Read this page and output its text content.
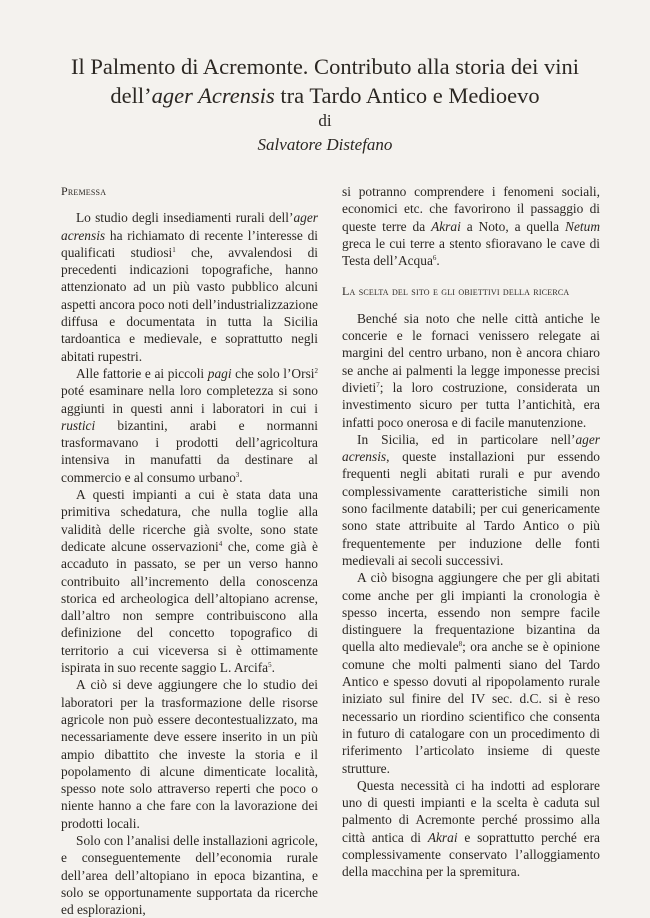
Il Palmento di Acremonte. Contributo alla storia dei vini
dell’ager Acrensis tra Tardo Antico e Medioevo
di
Salvatore Distefano
Premessa

Lo studio degli insediamenti rurali dell’ager acrensis ha richiamato di recente l’interesse di qualificati studiosi$^1$ che, avvalendosi di precedenti indicazioni topografiche, hanno attenzionato ad un più vasto pubblico alcuni aspetti ancora poco noti dell’industrializzazione diffusa e documentata in tutta la Sicilia tardoantica e medievale, e soprattutto negli abitati rupestri.

Alle fattorie e ai piccoli pagi che solo l’Orsi$^2$ poté esaminare nella loro completezza si sono aggiunti in questi anni i laboratori in cui i rustici bizantini, arabi e normanni trasformavano i prodotti dell’agricoltura intensiva in manufatti da destinare al commercio e al consumo urbano$^3$.

A questi impianti a cui è stata data una primitiva schedatura, che nulla toglie alla validità delle ricerche già svolte, sono state dedicate alcune osservazioni$^4$ che, come già è accaduto in passato, se per un verso hanno contribuito all’incremento della conoscenza storica ed archeologica dell’altopiano acrense, dall’altro non sempre contribuiscono alla definizione del concetto topografico di territorio a cui viceversa si è ottimamente ispirata in suo recente saggio L. Arcifa$^5$.

A ciò si deve aggiungere che lo studio dei laboratori per la trasformazione delle risorse agricole non può essere decontestualizzato, ma necessariamente deve essere inserito in un più ampio dibattito che investe la storia e il popolamento di alcune dimenticate località, spesso note solo attraverso reperti che poco o niente hanno a che fare con la lavorazione dei prodotti locali.

Solo con l’analisi delle installazioni agricole, e conseguentemente dell’economia rurale dell’area dell’altopiano in epoca bizantina, e solo se opportunamente supportata da ricerche ed esplorazioni,

si potranno comprendere i fenomeni sociali, economici etc. che favorirono il passaggio di queste terre da Akrai a Noto, a quella Netum greca le cui terre a stento sfioravano le cave di Testa dell’Acqua$^6$.

La scelta del sito e gli obiettivi della ricerca

Benché sia noto che nelle città antiche le concerie e le fornaci venissero relegate ai margini del centro urbano, non è ancora chiaro se anche ai palmenti la legge imponesse precisi divieti$^7$; la loro costruzione, considerata un investimento sicuro per tutta l’antichità, era infatti poco onerosa e di facile manutenzione.

In Sicilia, ed in particolare nell’ager acrensis, queste installazioni pur essendo frequenti negli abitati rurali e pur avendo complessivamente caratteristiche simili non sono facilmente databili; per cui genericamente sono state attribuite al Tardo Antico o più frequentemente per induzione delle fonti medievali ai secoli successivi.

A ciò bisogna aggiungere che per gli abitati come anche per gli impianti la cronologia è spesso incerta, essendo non sempre facile distinguere la frequentazione bizantina da quella alto medievale$^8$; ora anche se è opinione comune che molti palmenti siano del Tardo Antico e spesso dovuti al ripopolamento rurale iniziato sul finire del IV sec. d.C. si è reso necessario un riordino scientifico che consenta in futuro di catalogare con un procedimento di riferimento l’articolato insieme di queste strutture.

Questa necessità ci ha indotti ad esplorare uno di questi impianti e la scelta è caduta sul palmento di Acremonte perché prossimo alla città antica di Akrai e soprattutto perché era complessivamente conservato l’alloggiamento della macchina per la spremitura.
